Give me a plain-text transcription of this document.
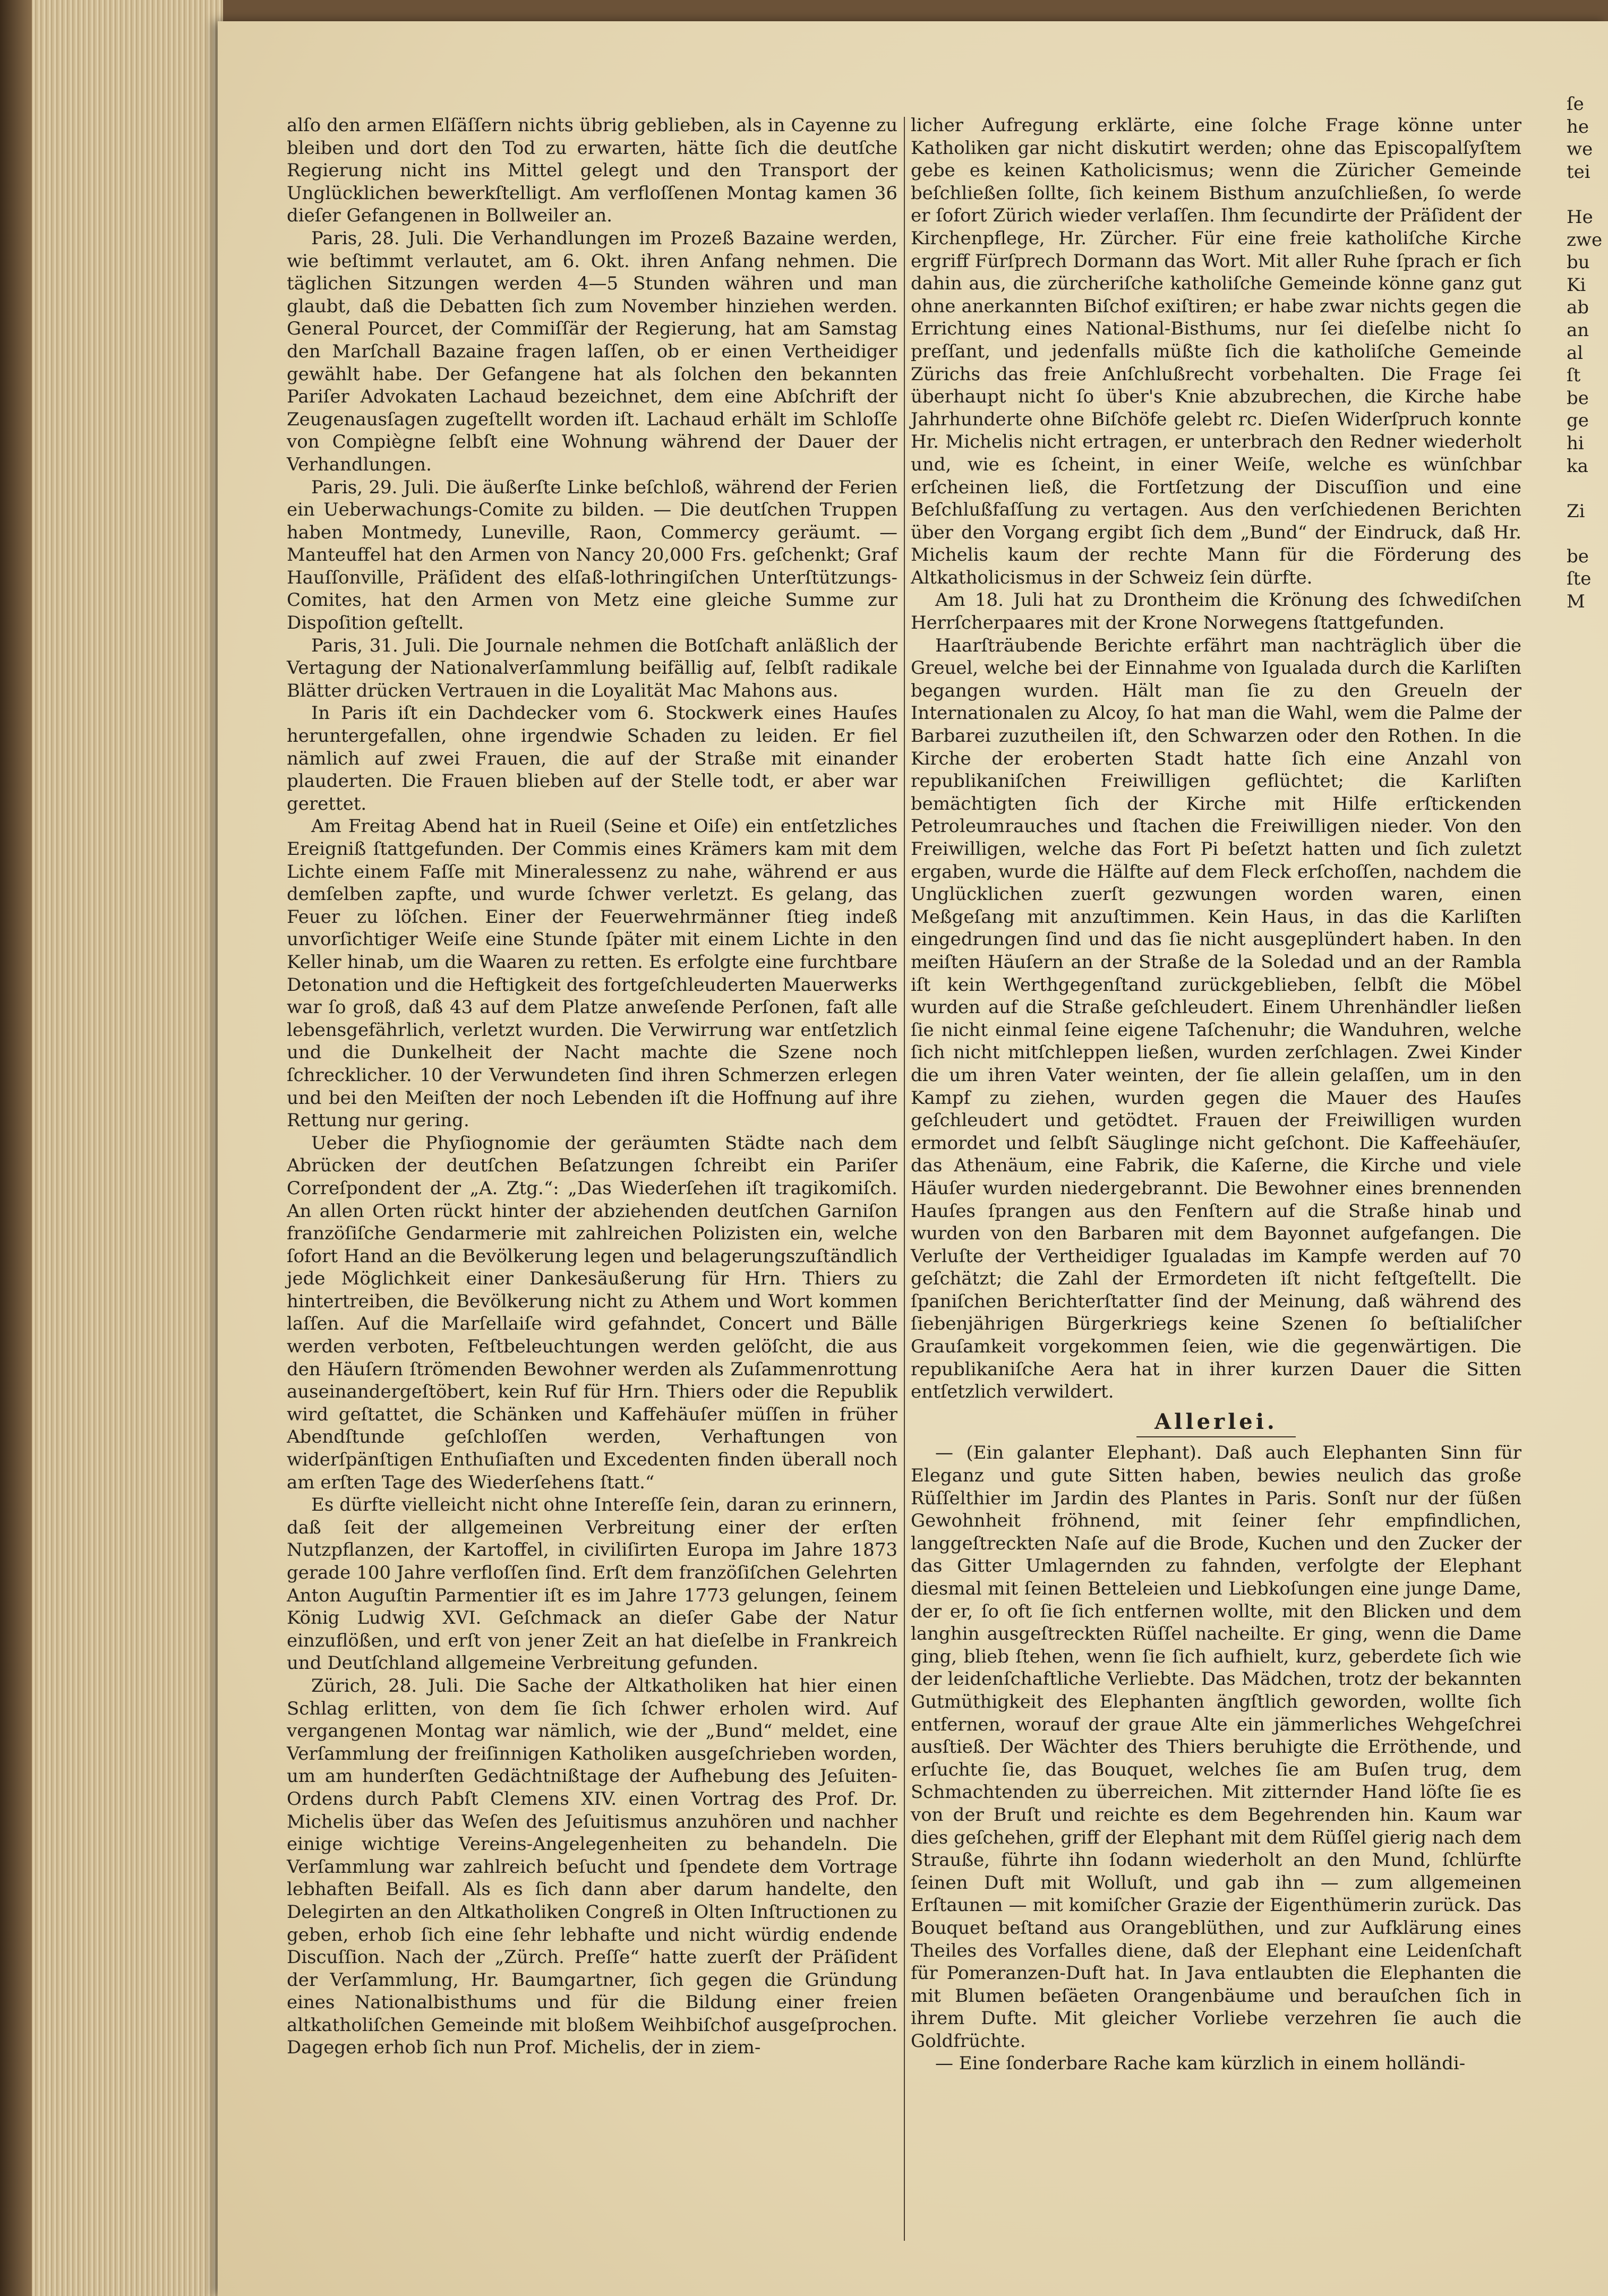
alſo den armen Elſäſſern nichts übrig geblieben, als in Cayenne zu bleiben und dort den Tod zu erwarten, hätte ſich die deutſche Regierung nicht ins Mittel gelegt und den Transport der Unglücklichen bewerkſtelligt. Am verfloſſenen Montag kamen 36 dieſer Gefangenen in Bollweiler an.

Paris, 28. Juli. Die Verhandlungen im Prozeß Bazaine werden, wie beſtimmt verlautet, am 6. Okt. ihren Anfang nehmen. Die täglichen Sitzungen werden 4—5 Stunden währen und man glaubt, daß die Debatten ſich zum November hinziehen werden. General Pourcet, der Commiſſär der Regierung, hat am Samstag den Marſchall Bazaine fragen laſſen, ob er einen Vertheidiger gewählt habe. Der Gefangene hat als ſolchen den bekannten Pariſer Advokaten Lachaud bezeichnet, dem eine Abſchrift der Zeugenausſagen zugeſtellt worden iſt. Lachaud erhält im Schloſſe von Compiègne ſelbſt eine Wohnung während der Dauer der Verhandlungen.

Paris, 29. Juli. Die äußerſte Linke beſchloß, während der Ferien ein Ueberwachungs-Comite zu bilden. — Die deutſchen Truppen haben Montmedy, Luneville, Raon, Commercy geräumt. — Manteuffel hat den Armen von Nancy 20,000 Frs. geſchenkt; Graf Hauſſonville, Präſident des elſaß-lothringiſchen Unterſtützungs-Comites, hat den Armen von Metz eine gleiche Summe zur Dispoſition geſtellt.

Paris, 31. Juli. Die Journale nehmen die Botſchaft anläßlich der Vertagung der Nationalverſammlung beifällig auf, ſelbſt radikale Blätter drücken Vertrauen in die Loyalität Mac Mahons aus.

In Paris iſt ein Dachdecker vom 6. Stockwerk eines Hauſes heruntergefallen, ohne irgendwie Schaden zu leiden. Er fiel nämlich auf zwei Frauen, die auf der Straße mit einander plauderten. Die Frauen blieben auf der Stelle todt, er aber war gerettet.

Am Freitag Abend hat in Rueil (Seine et Oiſe) ein entſetzliches Ereigniß ſtattgefunden. Der Commis eines Krämers kam mit dem Lichte einem Faſſe mit Mineralessenz zu nahe, während er aus demſelben zapfte, und wurde ſchwer verletzt. Es gelang, das Feuer zu löſchen. Einer der Feuerwehrmänner ſtieg indeß unvorſichtiger Weiſe eine Stunde ſpäter mit einem Lichte in den Keller hinab, um die Waaren zu retten. Es erfolgte eine furchtbare Detonation und die Heftigkeit des fortgeſchleuderten Mauerwerks war ſo groß, daß 43 auf dem Platze anweſende Perſonen, faſt alle lebensgefährlich, verletzt wurden. Die Verwirrung war entſetzlich und die Dunkelheit der Nacht machte die Szene noch ſchrecklicher. 10 der Verwundeten ſind ihren Schmerzen erlegen und bei den Meiſten der noch Lebenden iſt die Hoffnung auf ihre Rettung nur gering.

Ueber die Phyſiognomie der geräumten Städte nach dem Abrücken der deutſchen Beſatzungen ſchreibt ein Pariſer Correſpondent der „A. Ztg.“: „Das Wiederſehen iſt tragikomiſch. An allen Orten rückt hinter der abziehenden deutſchen Garniſon franzöſiſche Gendarmerie mit zahlreichen Polizisten ein, welche ſofort Hand an die Bevölkerung legen und belagerungszuſtändlich jede Möglichkeit einer Dankesäußerung für Hrn. Thiers zu hintertreiben, die Bevölkerung nicht zu Athem und Wort kommen laſſen. Auf die Marſellaiſe wird gefahndet, Concert und Bälle werden verboten, Feſtbeleuchtungen werden gelöſcht, die aus den Häuſern ſtrömenden Bewohner werden als Zuſammenrottung auseinandergeſtöbert, kein Ruf für Hrn. Thiers oder die Republik wird geſtattet, die Schänken und Kaffehäuſer müſſen in früher Abendſtunde geſchloſſen werden, Verhaftungen von widerſpänſtigen Enthuſiaſten und Excedenten finden überall noch am erſten Tage des Wiederſehens ſtatt.“

Es dürfte vielleicht nicht ohne Intereſſe ſein, daran zu erinnern, daß ſeit der allgemeinen Verbreitung einer der erſten Nutzpflanzen, der Kartoffel, in civiliſirten Europa im Jahre 1873 gerade 100 Jahre verfloſſen ſind. Erſt dem franzöſiſchen Gelehrten Anton Auguſtin Parmentier iſt es im Jahre 1773 gelungen, ſeinem König Ludwig XVI. Geſchmack an dieſer Gabe der Natur einzuflößen, und erſt von jener Zeit an hat dieſelbe in Frankreich und Deutſchland allgemeine Verbreitung gefunden.

Zürich, 28. Juli. Die Sache der Altkatholiken hat hier einen Schlag erlitten, von dem ſie ſich ſchwer erholen wird. Auf vergangenen Montag war nämlich, wie der „Bund“ meldet, eine Verſammlung der freiſinnigen Katholiken ausgeſchrieben worden, um am hunderſten Gedächtnißtage der Aufhebung des Jeſuiten-Ordens durch Pabſt Clemens XIV. einen Vortrag des Prof. Dr. Michelis über das Weſen des Jeſuitismus anzuhören und nachher einige wichtige Vereins-Angelegenheiten zu behandeln. Die Verſammlung war zahlreich beſucht und ſpendete dem Vortrage lebhaften Beifall. Als es ſich dann aber darum handelte, den Delegirten an den Altkatholiken Congreß in Olten Inſtructionen zu geben, erhob ſich eine ſehr lebhafte und nicht würdig endende Discuſſion. Nach der „Zürch. Preſſe“ hatte zuerſt der Präſident der Verſammlung, Hr. Baumgartner, ſich gegen die Gründung eines Nationalbisthums und für die Bildung einer freien altkatholiſchen Gemeinde mit bloßem Weihbiſchof ausgeſprochen. Dagegen erhob ſich nun Prof. Michelis, der in ziem-

licher Aufregung erklärte, eine ſolche Frage könne unter Katholiken gar nicht diskutirt werden; ohne das Episcopalſyſtem gebe es keinen Katholicismus; wenn die Züricher Gemeinde beſchließen ſollte, ſich keinem Bisthum anzuſchließen, ſo werde er ſofort Zürich wieder verlaſſen. Ihm ſecundirte der Präſident der Kirchenpflege, Hr. Zürcher. Für eine freie katholiſche Kirche ergriff Fürſprech Dormann das Wort. Mit aller Ruhe ſprach er ſich dahin aus, die zürcheriſche katholiſche Gemeinde könne ganz gut ohne anerkannten Biſchof exiſtiren; er habe zwar nichts gegen die Errichtung eines National-Bisthums, nur ſei dieſelbe nicht ſo preſſant, und jedenfalls müßte ſich die katholiſche Gemeinde Zürichs das freie Anſchlußrecht vorbehalten. Die Frage ſei überhaupt nicht ſo über's Knie abzubrechen, die Kirche habe Jahrhunderte ohne Biſchöfe gelebt rc. Dieſen Widerſpruch konnte Hr. Michelis nicht ertragen, er unterbrach den Redner wiederholt und, wie es ſcheint, in einer Weiſe, welche es wünſchbar erſcheinen ließ, die Fortſetzung der Discuſſion und eine Beſchlußfaſſung zu vertagen. Aus den verſchiedenen Berichten über den Vorgang ergibt ſich dem „Bund“ der Eindruck, daß Hr. Michelis kaum der rechte Mann für die Förderung des Altkatholicismus in der Schweiz ſein dürfte.

Am 18. Juli hat zu Drontheim die Krönung des ſchwediſchen Herrſcherpaares mit der Krone Norwegens ſtattgefunden.

Haarſträubende Berichte erfährt man nachträglich über die Greuel, welche bei der Einnahme von Igualada durch die Karliſten begangen wurden. Hält man ſie zu den Greueln der Internationalen zu Alcoy, ſo hat man die Wahl, wem die Palme der Barbarei zuzutheilen iſt, den Schwarzen oder den Rothen. In die Kirche der eroberten Stadt hatte ſich eine Anzahl von republikaniſchen Freiwilligen geflüchtet; die Karliſten bemächtigten ſich der Kirche mit Hilfe erſtickenden Petroleumrauches und ſtachen die Freiwilligen nieder. Von den Freiwilligen, welche das Fort Pi beſetzt hatten und ſich zuletzt ergaben, wurde die Hälfte auf dem Fleck erſchoſſen, nachdem die Unglücklichen zuerſt gezwungen worden waren, einen Meßgeſang mit anzuſtimmen. Kein Haus, in das die Karliſten eingedrungen ſind und das ſie nicht ausgeplündert haben. In den meiſten Häuſern an der Straße de la Soledad und an der Rambla iſt kein Werthgegenſtand zurückgeblieben, ſelbſt die Möbel wurden auf die Straße geſchleudert. Einem Uhrenhändler ließen ſie nicht einmal ſeine eigene Taſchenuhr; die Wanduhren, welche ſich nicht mitſchleppen ließen, wurden zerſchlagen. Zwei Kinder die um ihren Vater weinten, der ſie allein gelaſſen, um in den Kampf zu ziehen, wurden gegen die Mauer des Hauſes geſchleudert und getödtet. Frauen der Freiwilligen wurden ermordet und ſelbſt Säuglinge nicht geſchont. Die Kaffeehäuſer, das Athenäum, eine Fabrik, die Kaſerne, die Kirche und viele Häuſer wurden niedergebrannt. Die Bewohner eines brennenden Hauſes ſprangen aus den Fenſtern auf die Straße hinab und wurden von den Barbaren mit dem Bayonnet aufgefangen. Die Verluſte der Vertheidiger Igualadas im Kampfe werden auf 70 geſchätzt; die Zahl der Ermordeten iſt nicht feſtgeſtellt. Die ſpaniſchen Berichterſtatter ſind der Meinung, daß während des ſiebenjährigen Bürgerkriegs keine Szenen ſo beſtialiſcher Grauſamkeit vorgekommen ſeien, wie die gegenwärtigen. Die republikaniſche Aera hat in ihrer kurzen Dauer die Sitten entſetzlich verwildert.

Allerlei.

— (Ein galanter Elephant). Daß auch Elephanten Sinn für Eleganz und gute Sitten haben, bewies neulich das große Rüſſelthier im Jardin des Plantes in Paris. Sonſt nur der ſüßen Gewohnheit fröhnend, mit ſeiner ſehr empfindlichen, langgeſtreckten Naſe auf die Brode, Kuchen und den Zucker der das Gitter Umlagernden zu fahnden, verfolgte der Elephant diesmal mit ſeinen Betteleien und Liebkoſungen eine junge Dame, der er, ſo oft ſie ſich entfernen wollte, mit den Blicken und dem langhin ausgeſtreckten Rüſſel nacheilte. Er ging, wenn die Dame ging, blieb ſtehen, wenn ſie ſich aufhielt, kurz, geberdete ſich wie der leidenſchaftliche Verliebte. Das Mädchen, trotz der bekannten Gutmüthigkeit des Elephanten ängſtlich geworden, wollte ſich entfernen, worauf der graue Alte ein jämmerliches Wehgeſchrei ausſtieß. Der Wächter des Thiers beruhigte die Erröthende, und erſuchte ſie, das Bouquet, welches ſie am Buſen trug, dem Schmachtenden zu überreichen. Mit zitternder Hand löſte ſie es von der Bruſt und reichte es dem Begehrenden hin. Kaum war dies geſchehen, griff der Elephant mit dem Rüſſel gierig nach dem Strauße, führte ihn ſodann wiederholt an den Mund, ſchlürfte ſeinen Duft mit Wolluſt, und gab ihn — zum allgemeinen Erſtaunen — mit komiſcher Grazie der Eigenthümerin zurück. Das Bouquet beſtand aus Orangeblüthen, und zur Aufklärung eines Theiles des Vorfalles diene, daß der Elephant eine Leidenſchaft für Pomeranzen-Duft hat. In Java entlaubten die Elephanten die mit Blumen beſäeten Orangenbäume und berauſchen ſich in ihrem Dufte. Mit gleicher Vorliebe verzehren ſie auch die Goldfrüchte.

— Eine ſonderbare Rache kam kürzlich in einem holländi-

ſe
he
we
tei
He
zwe
bu
Ki
ab
an
al
ſt
be
ge
hi
ka
Zi
be
ſte
M
